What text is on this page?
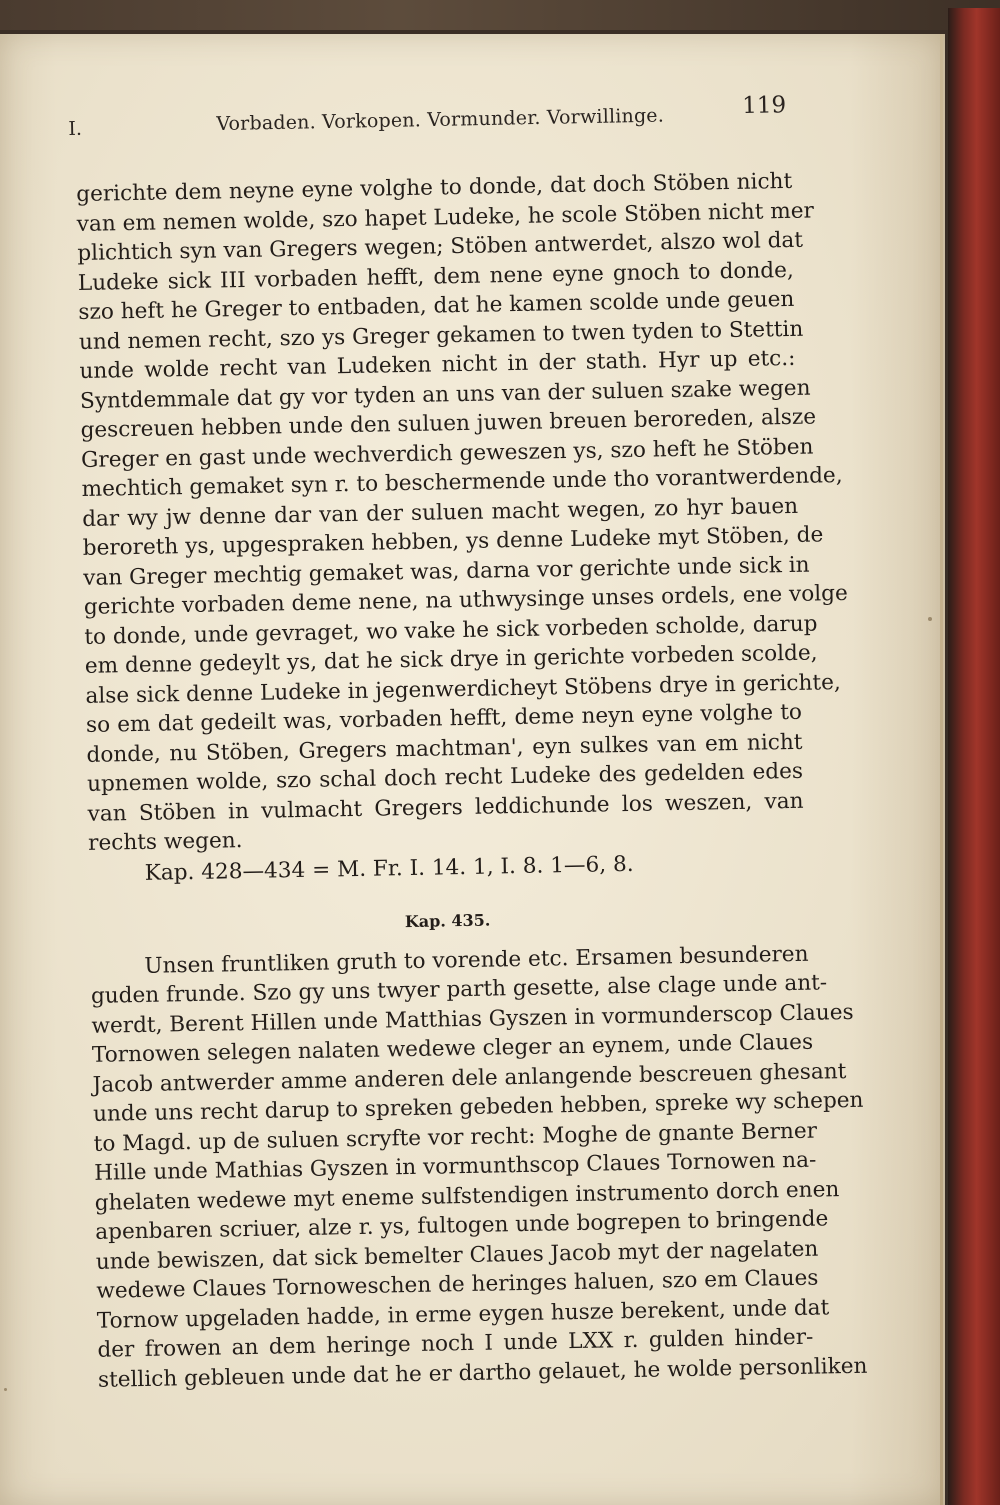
I.	Vorbaden. Vorkopen. Vormunder. Vorwillinge.	119
gerichte dem neyne eyne volghe to donde, dat doch Stöben nicht
van em nemen wolde, szo hapet Ludeke, he scole Stöben nicht mer
plichtich syn van Gregers wegen; Stöben antwerdet, alszo wol dat
Ludeke sick III vorbaden hefft, dem nene eyne gnoch to donde,
szo heft he Greger to entbaden, dat he kamen scolde unde geuen
und nemen recht, szo ys Greger gekamen to twen tyden to Stettin
unde wolde recht van Ludeken nicht in der stath. Hyr up etc.:
Syntdemmale dat gy vor tyden an uns van der suluen szake wegen
gescreuen hebben unde den suluen juwen breuen beroreden, alsze
Greger en gast unde wechverdich geweszen ys, szo heft he Stöben
mechtich gemaket syn r. to beschermende unde tho vorantwerdende,
dar wy jw denne dar van der suluen macht wegen, zo hyr bauen
beroreth ys, upgespraken hebben, ys denne Ludeke myt Stöben, de
van Greger mechtig gemaket was, darna vor gerichte unde sick in
gerichte vorbaden deme nene, na uthwysinge unses ordels, ene volge
to donde, unde gevraget, wo vake he sick vorbeden scholde, darup
em denne gedeylt ys, dat he sick drye in gerichte vorbeden scolde,
alse sick denne Ludeke in jegenwerdicheyt Stöbens drye in gerichte,
so em dat gedeilt was, vorbaden hefft, deme neyn eyne volghe to
donde, nu Stöben, Gregers machtman', eyn sulkes van em nicht
upnemen wolde, szo schal doch recht Ludeke des gedelden edes
van Stöben in vulmacht Gregers leddichunde los weszen, van
rechts wegen.
Kap. 428—434 = M. Fr. I. 14. 1, I. 8. 1—6, 8.
Kap. 435.
Unsen fruntliken gruth to vorende etc. Ersamen besunderen
guden frunde. Szo gy uns twyer parth gesette, alse clage unde ant-
werdt, Berent Hillen unde Matthias Gyszen in vormunderscop Claues
Tornowen selegen nalaten wedewe cleger an eynem, unde Claues
Jacob antwerder amme anderen dele anlangende bescreuen ghesant
unde uns recht darup to spreken gebeden hebben, spreke wy schepen
to Magd. up de suluen scryfte vor recht: Moghe de gnante Berner
Hille unde Mathias Gyszen in vormunthscop Claues Tornowen na-
ghelaten wedewe myt eneme sulfstendigen instrumento dorch enen
apenbaren scriuer, alze r. ys, fultogen unde bogrepen to bringende
unde bewiszen, dat sick bemelter Claues Jacob myt der nagelaten
wedewe Claues Tornoweschen de heringes haluen, szo em Claues
Tornow upgeladen hadde, in erme eygen husze berekent, unde dat
der frowen an dem heringe noch I unde LXX r. gulden hinder-
stellich gebleuen unde dat he er dartho gelauet, he wolde personliken
